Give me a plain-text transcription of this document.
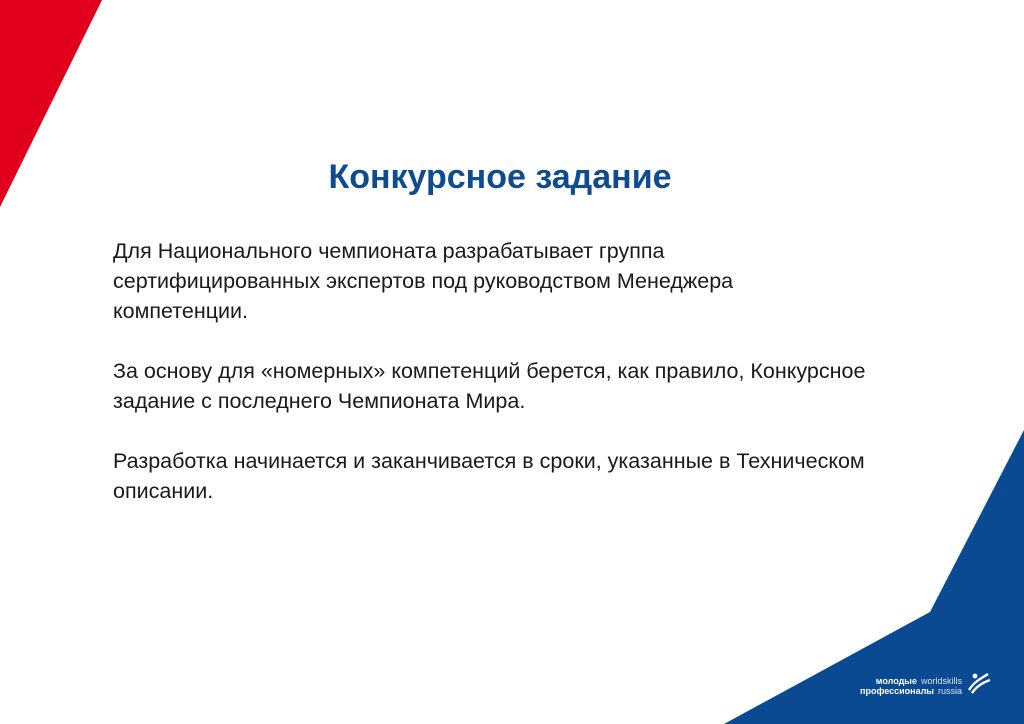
Конкурсное задание

Для Национального чемпионата разрабатывает группа сертифицированных экспертов под руководством Менеджера компетенции.

За основу для «номерных» компетенций берется, как правило, Конкурсное задание с последнего Чемпионата Мира.

Разработка начинается и заканчивается в сроки, указанные в Техническом описании.

молодые worldskills
профессионалы russia
